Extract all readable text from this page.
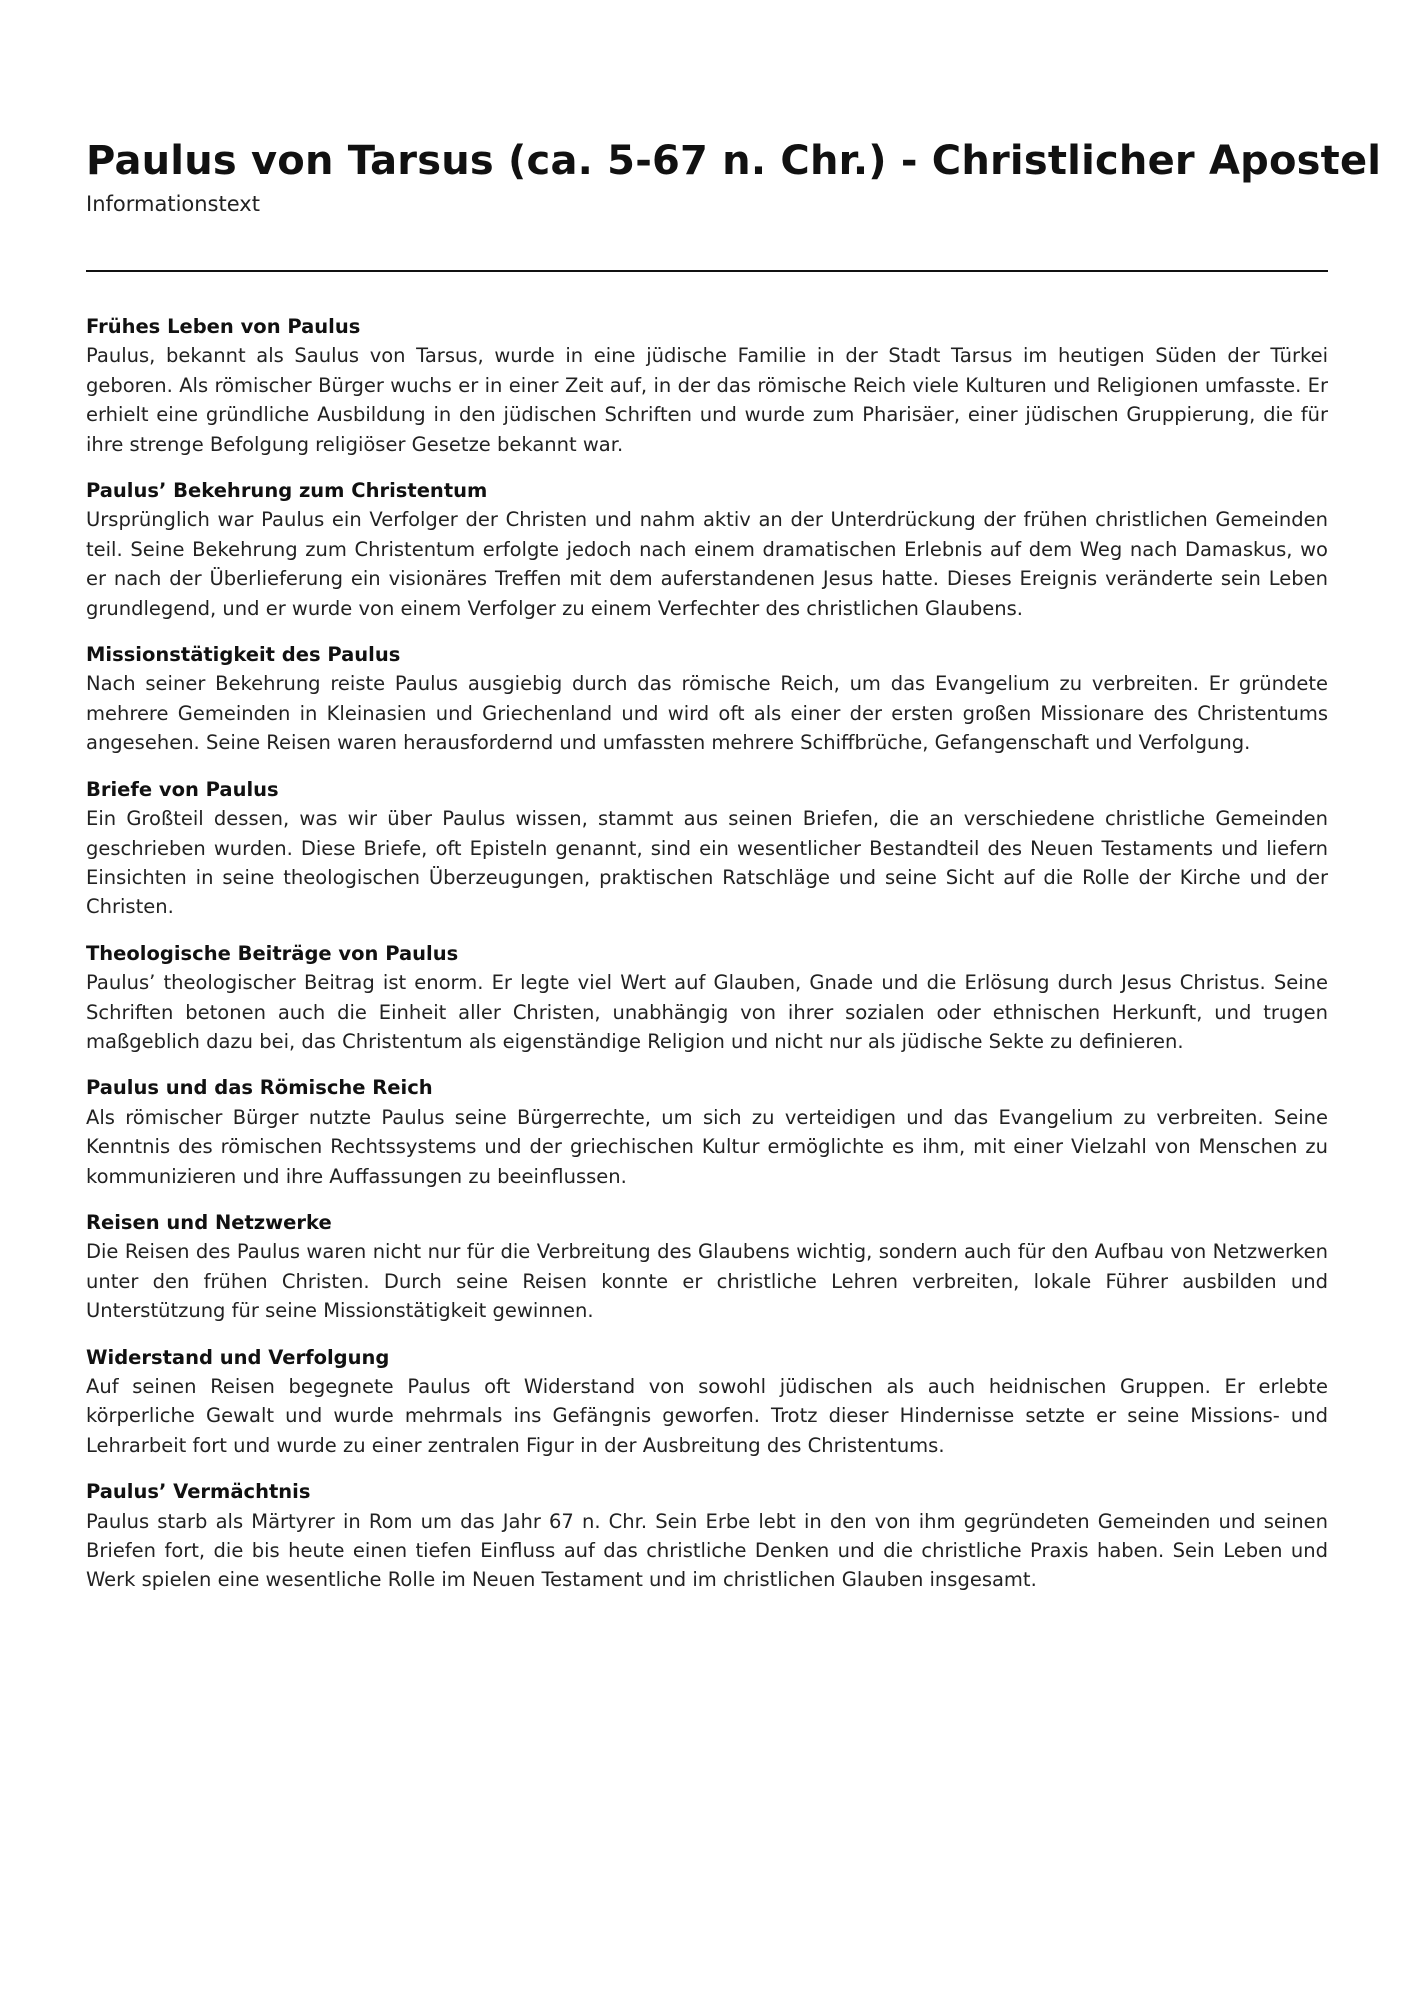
Paulus von Tarsus (ca. 5-67 n. Chr.) - Christlicher Apostel
Informationstext
Frühes Leben von Paulus

Paulus, bekannt als Saulus von Tarsus, wurde in eine jüdische Familie in der Stadt Tarsus im heutigen Süden der Türkei geboren. Als römischer Bürger wuchs er in einer Zeit auf, in der das römische Reich viele Kulturen und Religionen umfasste. Er erhielt eine gründliche Ausbildung in den jüdischen Schriften und wurde zum Pharisäer, einer jüdischen Gruppierung, die für ihre strenge Befolgung religiöser Gesetze bekannt war.

Paulus’ Bekehrung zum Christentum

Ursprünglich war Paulus ein Verfolger der Christen und nahm aktiv an der Unterdrückung der frühen christlichen Gemeinden teil. Seine Bekehrung zum Christentum erfolgte jedoch nach einem dramatischen Erlebnis auf dem Weg nach Damaskus, wo er nach der Überlieferung ein visionäres Treffen mit dem auferstandenen Jesus hatte. Dieses Ereignis veränderte sein Leben grundlegend, und er wurde von einem Verfolger zu einem Verfechter des christlichen Glaubens.

Missionstätigkeit des Paulus

Nach seiner Bekehrung reiste Paulus ausgiebig durch das römische Reich, um das Evangelium zu verbreiten. Er gründete mehrere Gemeinden in Kleinasien und Griechenland und wird oft als einer der ersten großen Missionare des Christentums angesehen. Seine Reisen waren herausfordernd und umfassten mehrere Schiffbrüche, Gefangenschaft und Verfolgung.

Briefe von Paulus

Ein Großteil dessen, was wir über Paulus wissen, stammt aus seinen Briefen, die an verschiedene christliche Gemeinden geschrieben wurden. Diese Briefe, oft Episteln genannt, sind ein wesentlicher Bestandteil des Neuen Testaments und liefern Einsichten in seine theologischen Überzeugungen, praktischen Ratschläge und seine Sicht auf die Rolle der Kirche und der Christen.

Theologische Beiträge von Paulus

Paulus’ theologischer Beitrag ist enorm. Er legte viel Wert auf Glauben, Gnade und die Erlösung durch Jesus Christus. Seine Schriften betonen auch die Einheit aller Christen, unabhängig von ihrer sozialen oder ethnischen Herkunft, und trugen maßgeblich dazu bei, das Christentum als eigenständige Religion und nicht nur als jüdische Sekte zu definieren.

Paulus und das Römische Reich

Als römischer Bürger nutzte Paulus seine Bürgerrechte, um sich zu verteidigen und das Evangelium zu verbreiten. Seine Kenntnis des römischen Rechtssystems und der griechischen Kultur ermöglichte es ihm, mit einer Vielzahl von Menschen zu kommunizieren und ihre Auffassungen zu beeinflussen.

Reisen und Netzwerke

Die Reisen des Paulus waren nicht nur für die Verbreitung des Glaubens wichtig, sondern auch für den Aufbau von Netzwerken unter den frühen Christen. Durch seine Reisen konnte er christliche Lehren verbreiten, lokale Führer ausbilden und Unterstützung für seine Missionstätigkeit gewinnen.

Widerstand und Verfolgung

Auf seinen Reisen begegnete Paulus oft Widerstand von sowohl jüdischen als auch heidnischen Gruppen. Er erlebte körperliche Gewalt und wurde mehrmals ins Gefängnis geworfen. Trotz dieser Hindernisse setzte er seine Missions- und Lehrarbeit fort und wurde zu einer zentralen Figur in der Ausbreitung des Christentums.

Paulus’ Vermächtnis

Paulus starb als Märtyrer in Rom um das Jahr 67 n. Chr. Sein Erbe lebt in den von ihm gegründeten Gemeinden und seinen Briefen fort, die bis heute einen tiefen Einfluss auf das christliche Denken und die christliche Praxis haben. Sein Leben und Werk spielen eine wesentliche Rolle im Neuen Testament und im christlichen Glauben insgesamt.
